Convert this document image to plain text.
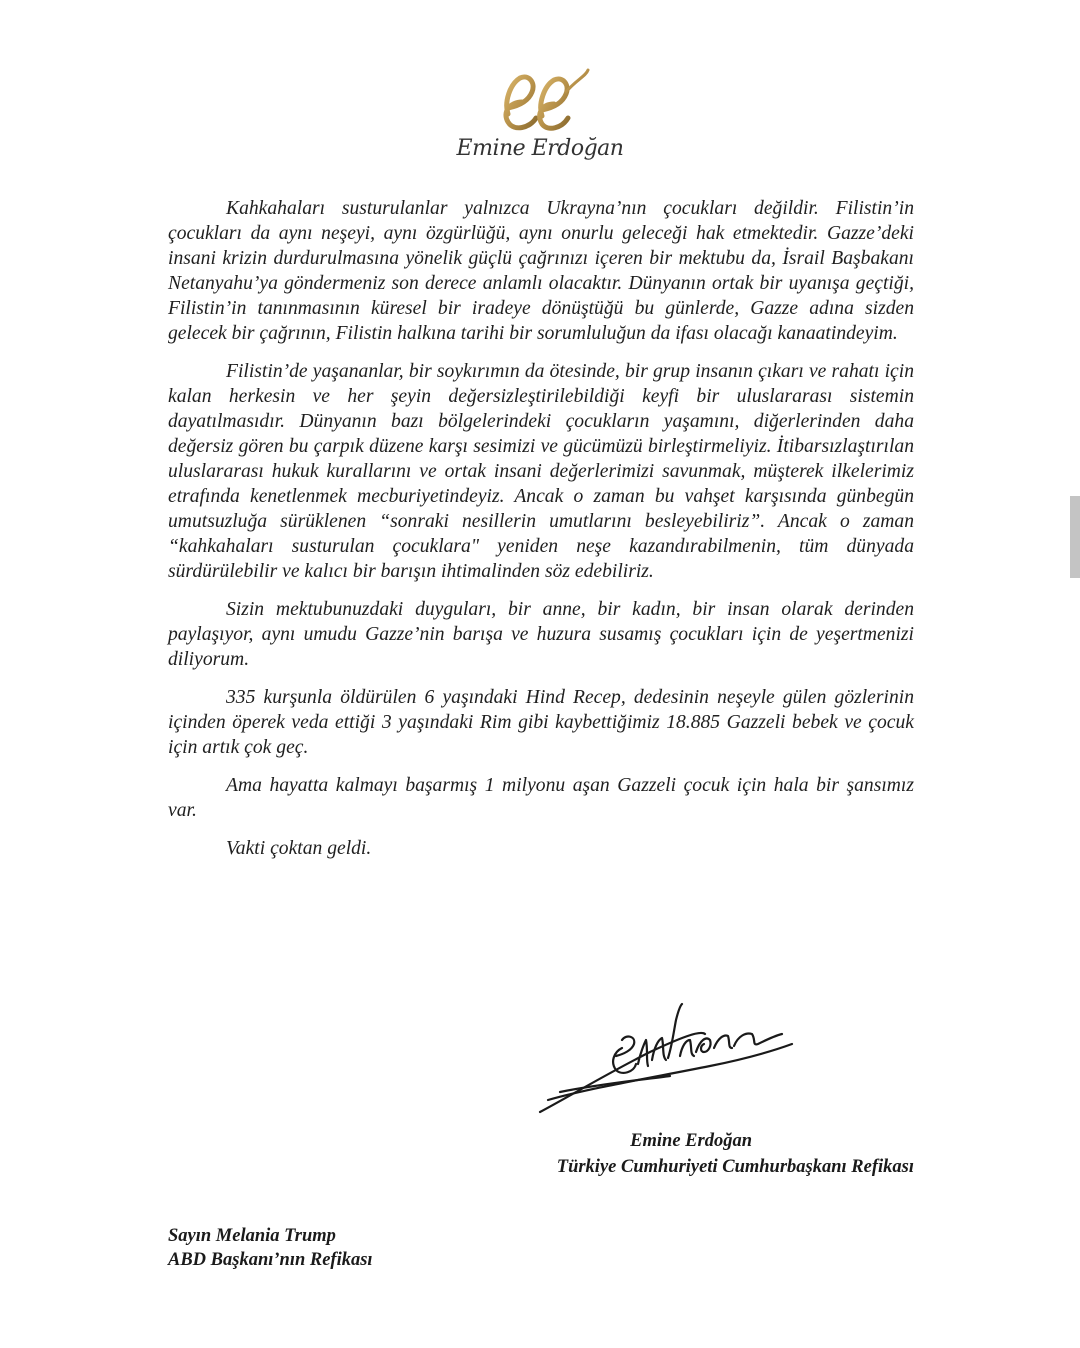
Emine Erdoğan

Kahkahaları susturulanlar yalnızca Ukrayna’nın çocukları değildir. Filistin’in çocukları da aynı neşeyi, aynı özgürlüğü, aynı onurlu geleceği hak etmektedir. Gazze’deki insani krizin durdurulmasına yönelik güçlü çağrınızı içeren bir mektubu da, İsrail Başbakanı Netanyahu’ya göndermeniz son derece anlamlı olacaktır. Dünyanın ortak bir uyanışa geçtiği, Filistin’in tanınmasının küresel bir iradeye dönüştüğü bu günlerde, Gazze adına sizden gelecek bir çağrının, Filistin halkına tarihi bir sorumluluğun da ifası olacağı kanaatindeyim.

Filistin’de yaşananlar, bir soykırımın da ötesinde, bir grup insanın çıkarı ve rahatı için kalan herkesin ve her şeyin değersizleştirilebildiği keyfi bir uluslararası sistemin dayatılmasıdır. Dünyanın bazı bölgelerindeki çocukların yaşamını, diğerlerinden daha değersiz gören bu çarpık düzene karşı sesimizi ve gücümüzü birleştirmeliyiz. İtibarsızlaştırılan uluslararası hukuk kurallarını ve ortak insani değerlerimizi savunmak, müşterek ilkelerimiz etrafında kenetlenmek mecburiyetindeyiz. Ancak o zaman bu vahşet karşısında günbegün umutsuzluğa sürüklenen “sonraki nesillerin umutlarını besleyebiliriz”. Ancak o zaman “kahkahaları susturulan çocuklara" yeniden neşe kazandırabilmenin, tüm dünyada sürdürülebilir ve kalıcı bir barışın ihtimalinden söz edebiliriz.

Sizin mektubunuzdaki duyguları, bir anne, bir kadın, bir insan olarak derinden paylaşıyor, aynı umudu Gazze’nin barışa ve huzura susamış çocukları için de yeşertmenizi diliyorum.

335 kurşunla öldürülen 6 yaşındaki Hind Recep, dedesinin neşeyle gülen gözlerinin içinden öperek veda ettiği 3 yaşındaki Rim gibi kaybettiğimiz 18.885 Gazzeli bebek ve çocuk için artık çok geç.

Ama hayatta kalmayı başarmış 1 milyonu aşan Gazzeli çocuk için hala bir şansımız var.

Vakti çoktan geldi.

Emine Erdoğan
Türkiye Cumhuriyeti Cumhurbaşkanı Refikası
Sayın Melania Trump
ABD Başkanı’nın Refikası
